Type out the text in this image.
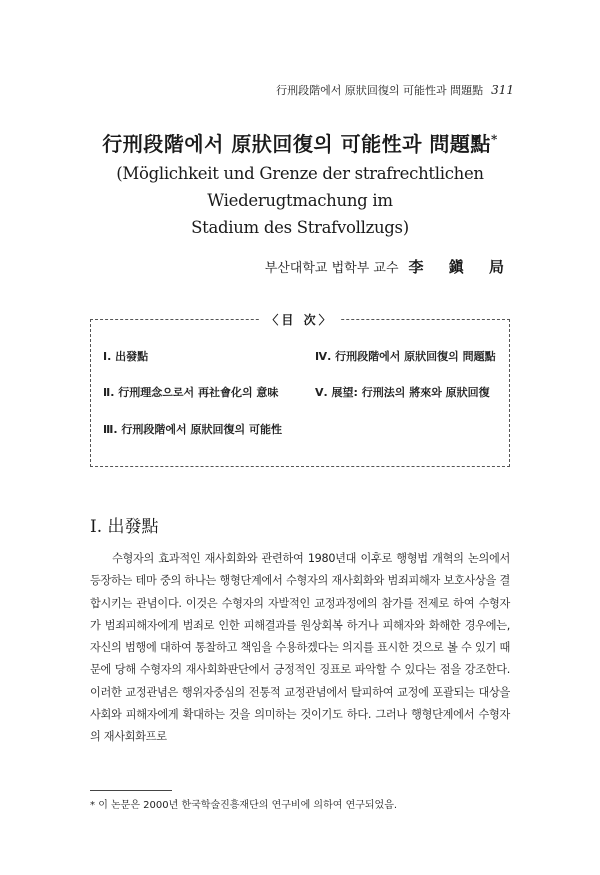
行刑段階에서 原狀回復의 可能性과 問題點 311
行刑段階에서 原狀回復의 可能性과 問題點*
(Möglichkeit und Grenze der strafrechtlichen Wiederugtmachung im
Stadium des Strafvollzugs)
부산대학교 법학부 교수 李 鎭 局
〈目 次〉
Ⅰ. 出發點
Ⅱ. 行刑理念으로서 再社會化의 意味
Ⅲ. 行刑段階에서 原狀回復의 可能性
Ⅳ. 行刑段階에서 原狀回復의 問題點
Ⅴ. 展望: 行刑法의 將來와 原狀回復
I. 出發點
수형자의 효과적인 재사회화와 관련하여 1980년대 이후로 행형법 개혁의 논의에서 등장하는 테마 중의 하나는 행형단계에서 수형자의 재사회화와 범죄피해자 보호사상을 결합시키는 관념이다. 이것은 수형자의 자발적인 교정과정에의 참가를 전제로 하여 수형자가 범죄피해자에게 범죄로 인한 피해결과를 원상회복 하거나 피해자와 화해한 경우에는, 자신의 범행에 대하여 통찰하고 책임을 수용하겠다는 의지를 표시한 것으로 볼 수 있기 때문에 당해 수형자의 재사회화판단에서 긍정적인 징표로 파악할 수 있다는 점을 강조한다. 이러한 교정관념은 행위자중심의 전통적 교정관념에서 탈피하여 교정에 포괄되는 대상을 사회와 피해자에게 확대하는 것을 의미하는 것이기도 하다. 그러나 행형단계에서 수형자의 재사회화프로
* 이 논문은 2000년 한국학술진흥재단의 연구비에 의하여 연구되었음.
